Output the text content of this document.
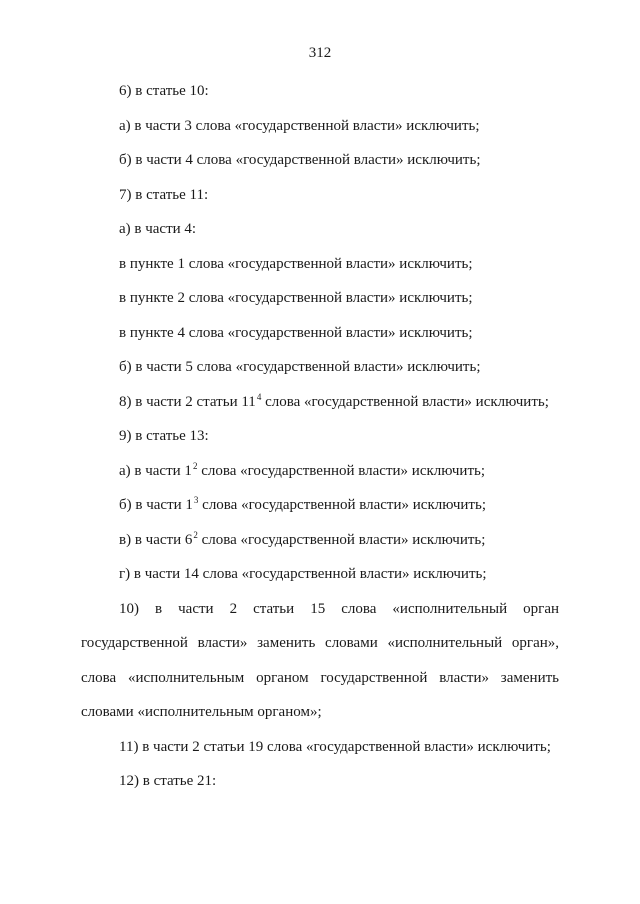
312
6) в статье 10:
а) в части 3 слова «государственной власти» исключить;
б) в части 4 слова «государственной власти» исключить;
7) в статье 11:
а) в части 4:
в пункте 1 слова «государственной власти» исключить;
в пункте 2 слова «государственной власти» исключить;
в пункте 4 слова «государственной власти» исключить;
б) в части 5 слова «государственной власти» исключить;
8) в части 2 статьи $11^4$ слова «государственной власти» исключить;
9) в статье 13:
а) в части $1^2$ слова «государственной власти» исключить;
б) в части $1^3$ слова «государственной власти» исключить;
в) в части $6^2$ слова «государственной власти» исключить;
г) в части 14 слова «государственной власти» исключить;
10) в части 2 статьи 15 слова «исполнительный орган
государственной власти» заменить словами «исполнительный орган»,
слова «исполнительным органом государственной власти» заменить
словами «исполнительным органом»;
11) в части 2 статьи 19 слова «государственной власти» исключить;
12) в статье 21:
